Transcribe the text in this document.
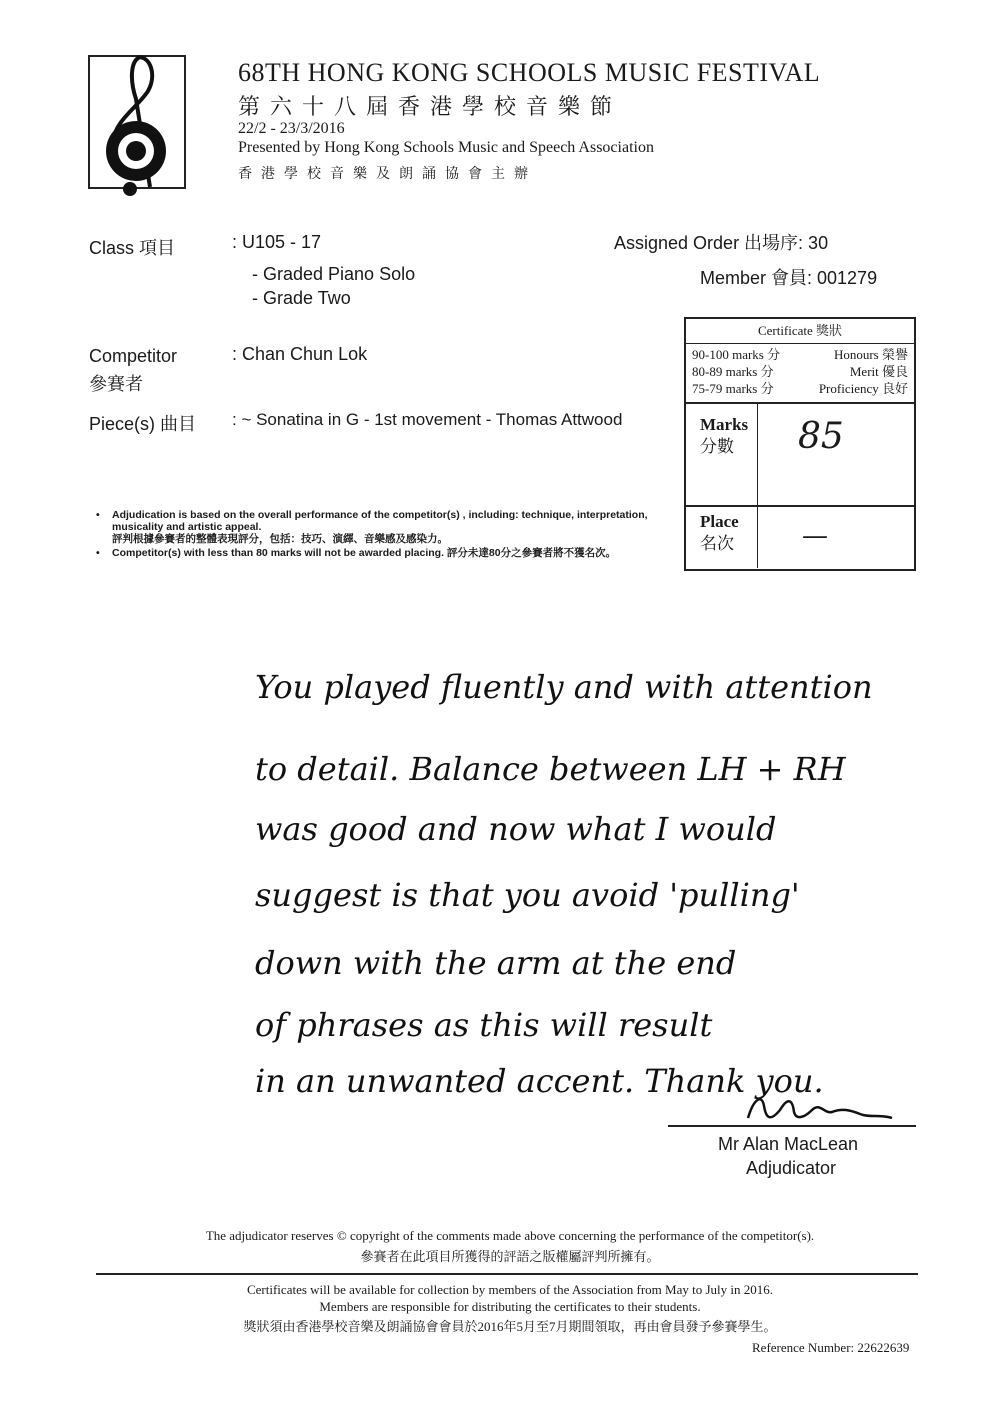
68TH HONG KONG SCHOOLS MUSIC FESTIVAL
第六十八屆香港學校音樂節
22/2 - 23/3/2016
Presented by Hong Kong Schools Music and Speech Association
香港學校音樂及朗誦協會主辦
Class 項目	: U105 - 17
- Graded Piano Solo
- Grade Two
Assigned Order 出場序: 30
Member 會員: 001279
Competitor
參賽者
: Chan Chun Lok
Piece(s) 曲目 : ~ Sonatina in G - 1st movement - Thomas Attwood
Certificate 獎狀
90-100 marks 分	Honours 榮譽
80-89 marks 分	Merit 優良
75-79 marks 分	Proficiency 良好
Marks
分數	85
Place
名次	—
• Adjudication is based on the overall performance of the competitor(s) , including: technique, interpretation, musicality and artistic appeal.
評判根據參賽者的整體表現評分，包括：技巧、演繹、音樂感及感染力。
• Competitor(s) with less than 80 marks will not be awarded placing. 評分未達80分之參賽者將不獲名次。
You played fluently and with attention
to detail. Balance between LH + RH
was good and now what I would
suggest is that you avoid 'pulling'
down with the arm at the end
of phrases as this will result
in an unwanted accent. Thank you.
Mr Alan MacLean
Adjudicator
The adjudicator reserves © copyright of the comments made above concerning the performance of the competitor(s).
參賽者在此項目所獲得的評語之版權屬評判所擁有。
Certificates will be available for collection by members of the Association from May to July in 2016.
Members are responsible for distributing the certificates to their students.
獎狀須由香港學校音樂及朗誦協會會員於2016年5月至7月期間領取，再由會員發予參賽學生。
Reference Number: 22622639
